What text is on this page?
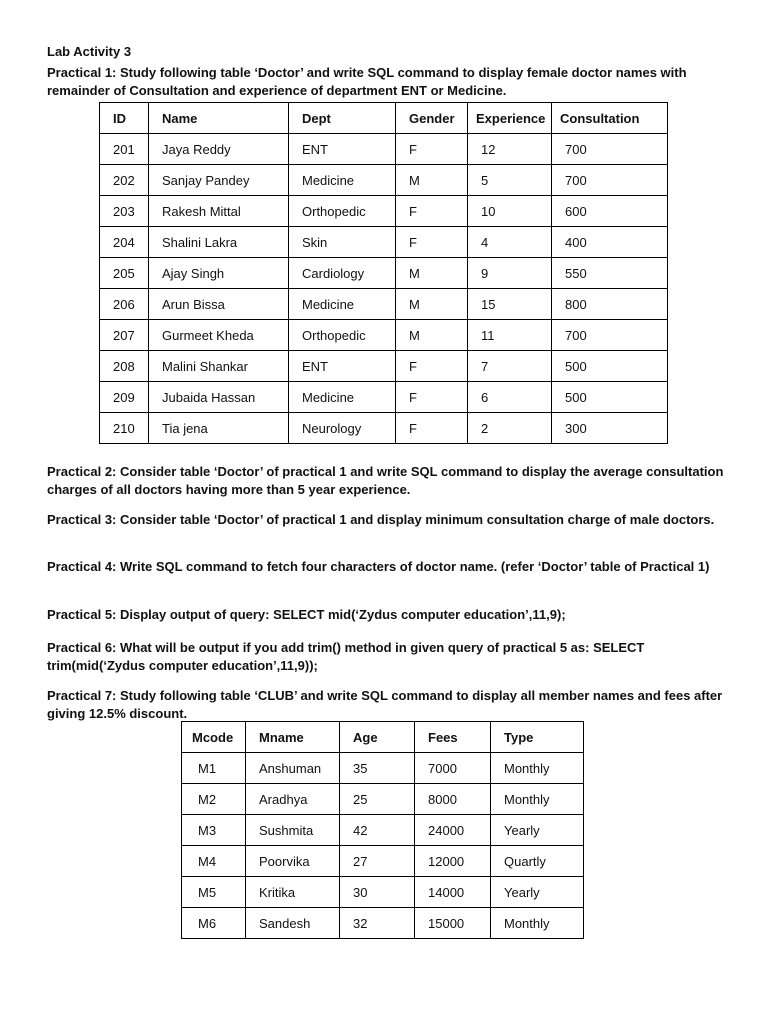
Lab Activity 3

Practical 1: Study following table ‘Doctor’ and write SQL command to display female doctor names with remainder of Consultation and experience of department ENT or Medicine.

ID	Name	Dept	Gender	Experience	Consultation
201	Jaya Reddy	ENT	F	12	700
202	Sanjay Pandey	Medicine	M	5	700
203	Rakesh Mittal	Orthopedic	F	10	600
204	Shalini Lakra	Skin	F	4	400
205	Ajay Singh	Cardiology	M	9	550
206	Arun Bissa	Medicine	M	15	800
207	Gurmeet Kheda	Orthopedic	M	11	700
208	Malini Shankar	ENT	F	7	500
209	Jubaida Hassan	Medicine	F	6	500
210	Tia jena	Neurology	F	2	300

Practical 2: Consider table ‘Doctor’ of practical 1 and write SQL command to display the average consultation charges of all doctors having more than 5 year experience.

Practical 3: Consider table ‘Doctor’ of practical 1 and display minimum consultation charge of male doctors.

Practical 4: Write SQL command to fetch four characters of doctor name. (refer ‘Doctor’ table of Practical 1)

Practical 5: Display output of query: SELECT mid(‘Zydus computer education’,11,9);

Practical 6: What will be output if you add trim() method in given query of practical 5 as: SELECT trim(mid(‘Zydus computer education’,11,9));

Practical 7: Study following table ‘CLUB’ and write SQL command to display all member names and fees after giving 12.5% discount.

Mcode	Mname	Age	Fees	Type
M1	Anshuman	35	7000	Monthly
M2	Aradhya	25	8000	Monthly
M3	Sushmita	42	24000	Yearly
M4	Poorvika	27	12000	Quartly
M5	Kritika	30	14000	Yearly
M6	Sandesh	32	15000	Monthly
